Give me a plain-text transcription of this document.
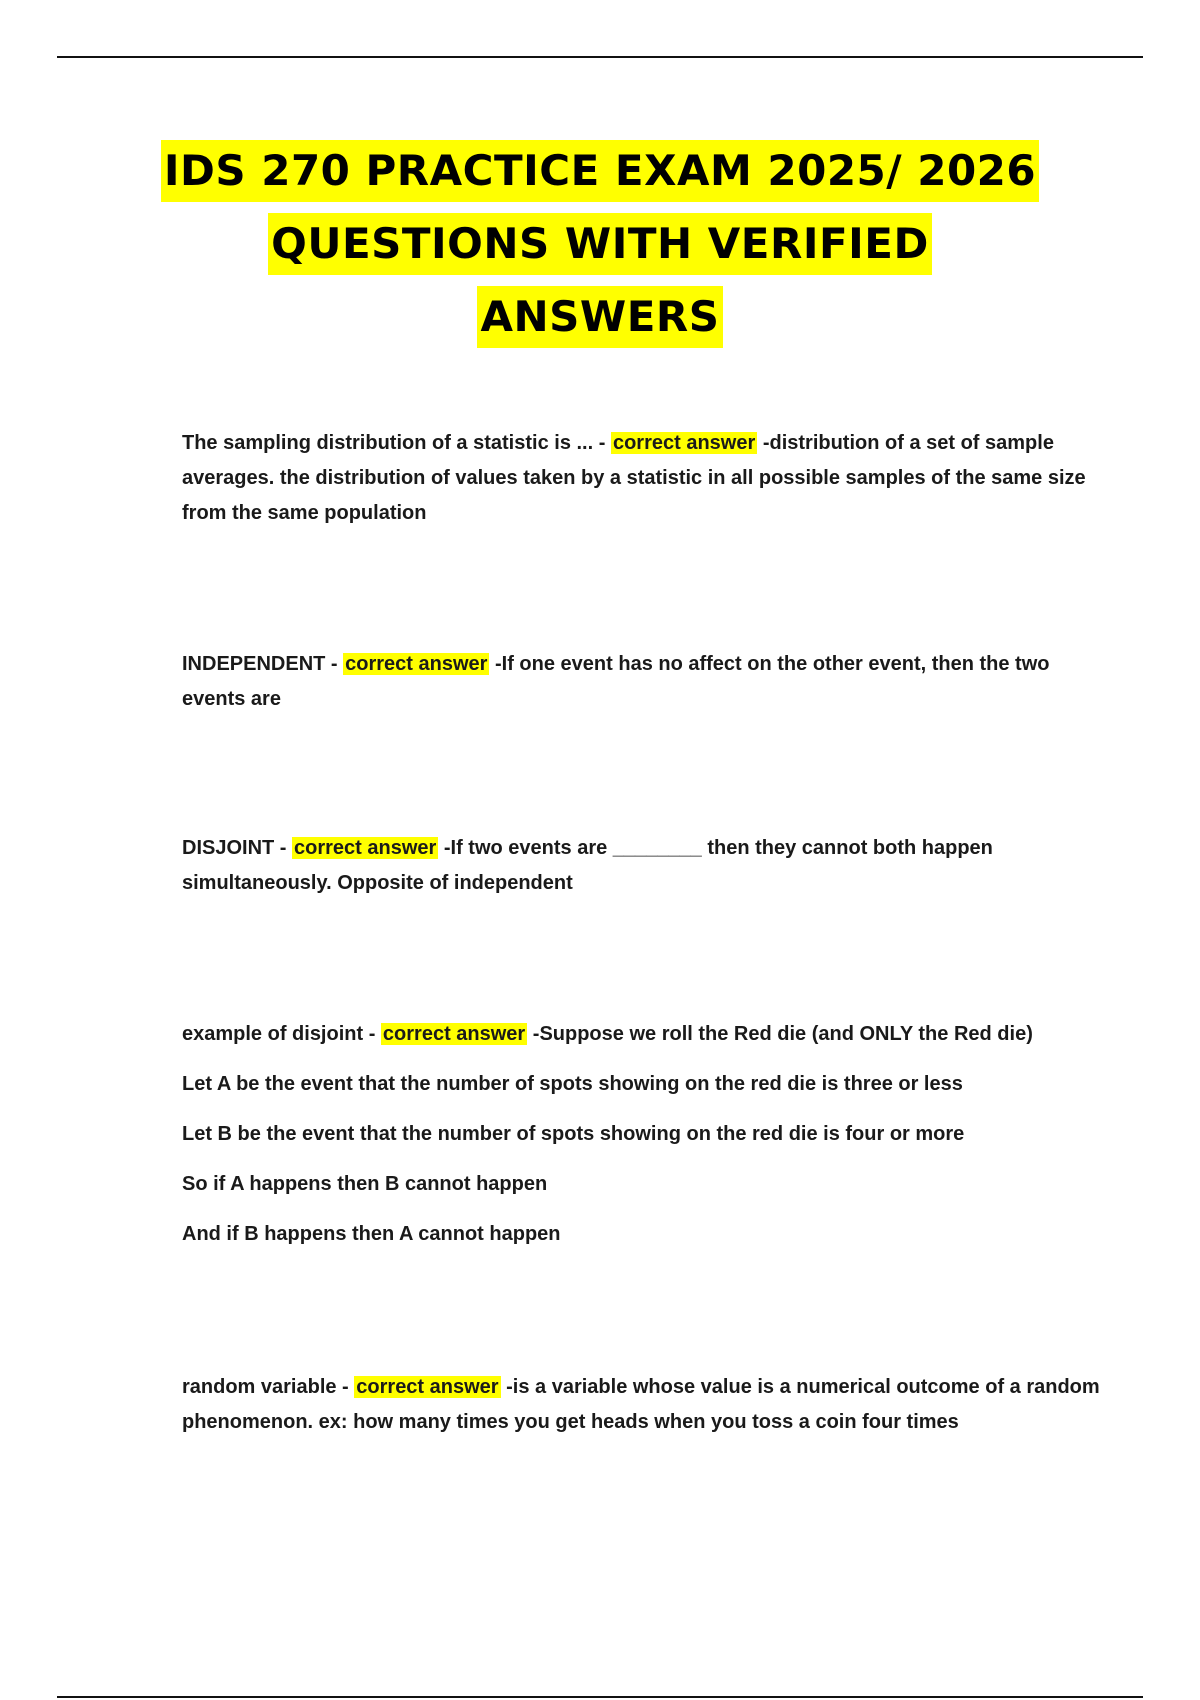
IDS 270 PRACTICE EXAM 2025/ 2026
QUESTIONS WITH VERIFIED
ANSWERS

The sampling distribution of a statistic is ... - correct answer -distribution of a set of sample averages. the distribution of values taken by a statistic in all possible samples of the same size from the same population

INDEPENDENT - correct answer -If one event has no affect on the other event, then the two events are

DISJOINT - correct answer -If two events are ________ then they cannot both happen simultaneously. Opposite of independent

example of disjoint - correct answer -Suppose we roll the Red die (and ONLY the Red die)

Let A be the event that the number of spots showing on the red die is three or less

Let B be the event that the number of spots showing on the red die is four or more

So if A happens then B cannot happen

And if B happens then A cannot happen

random variable - correct answer -is a variable whose value is a numerical outcome of a random phenomenon. ex: how many times you get heads when you toss a coin four times
